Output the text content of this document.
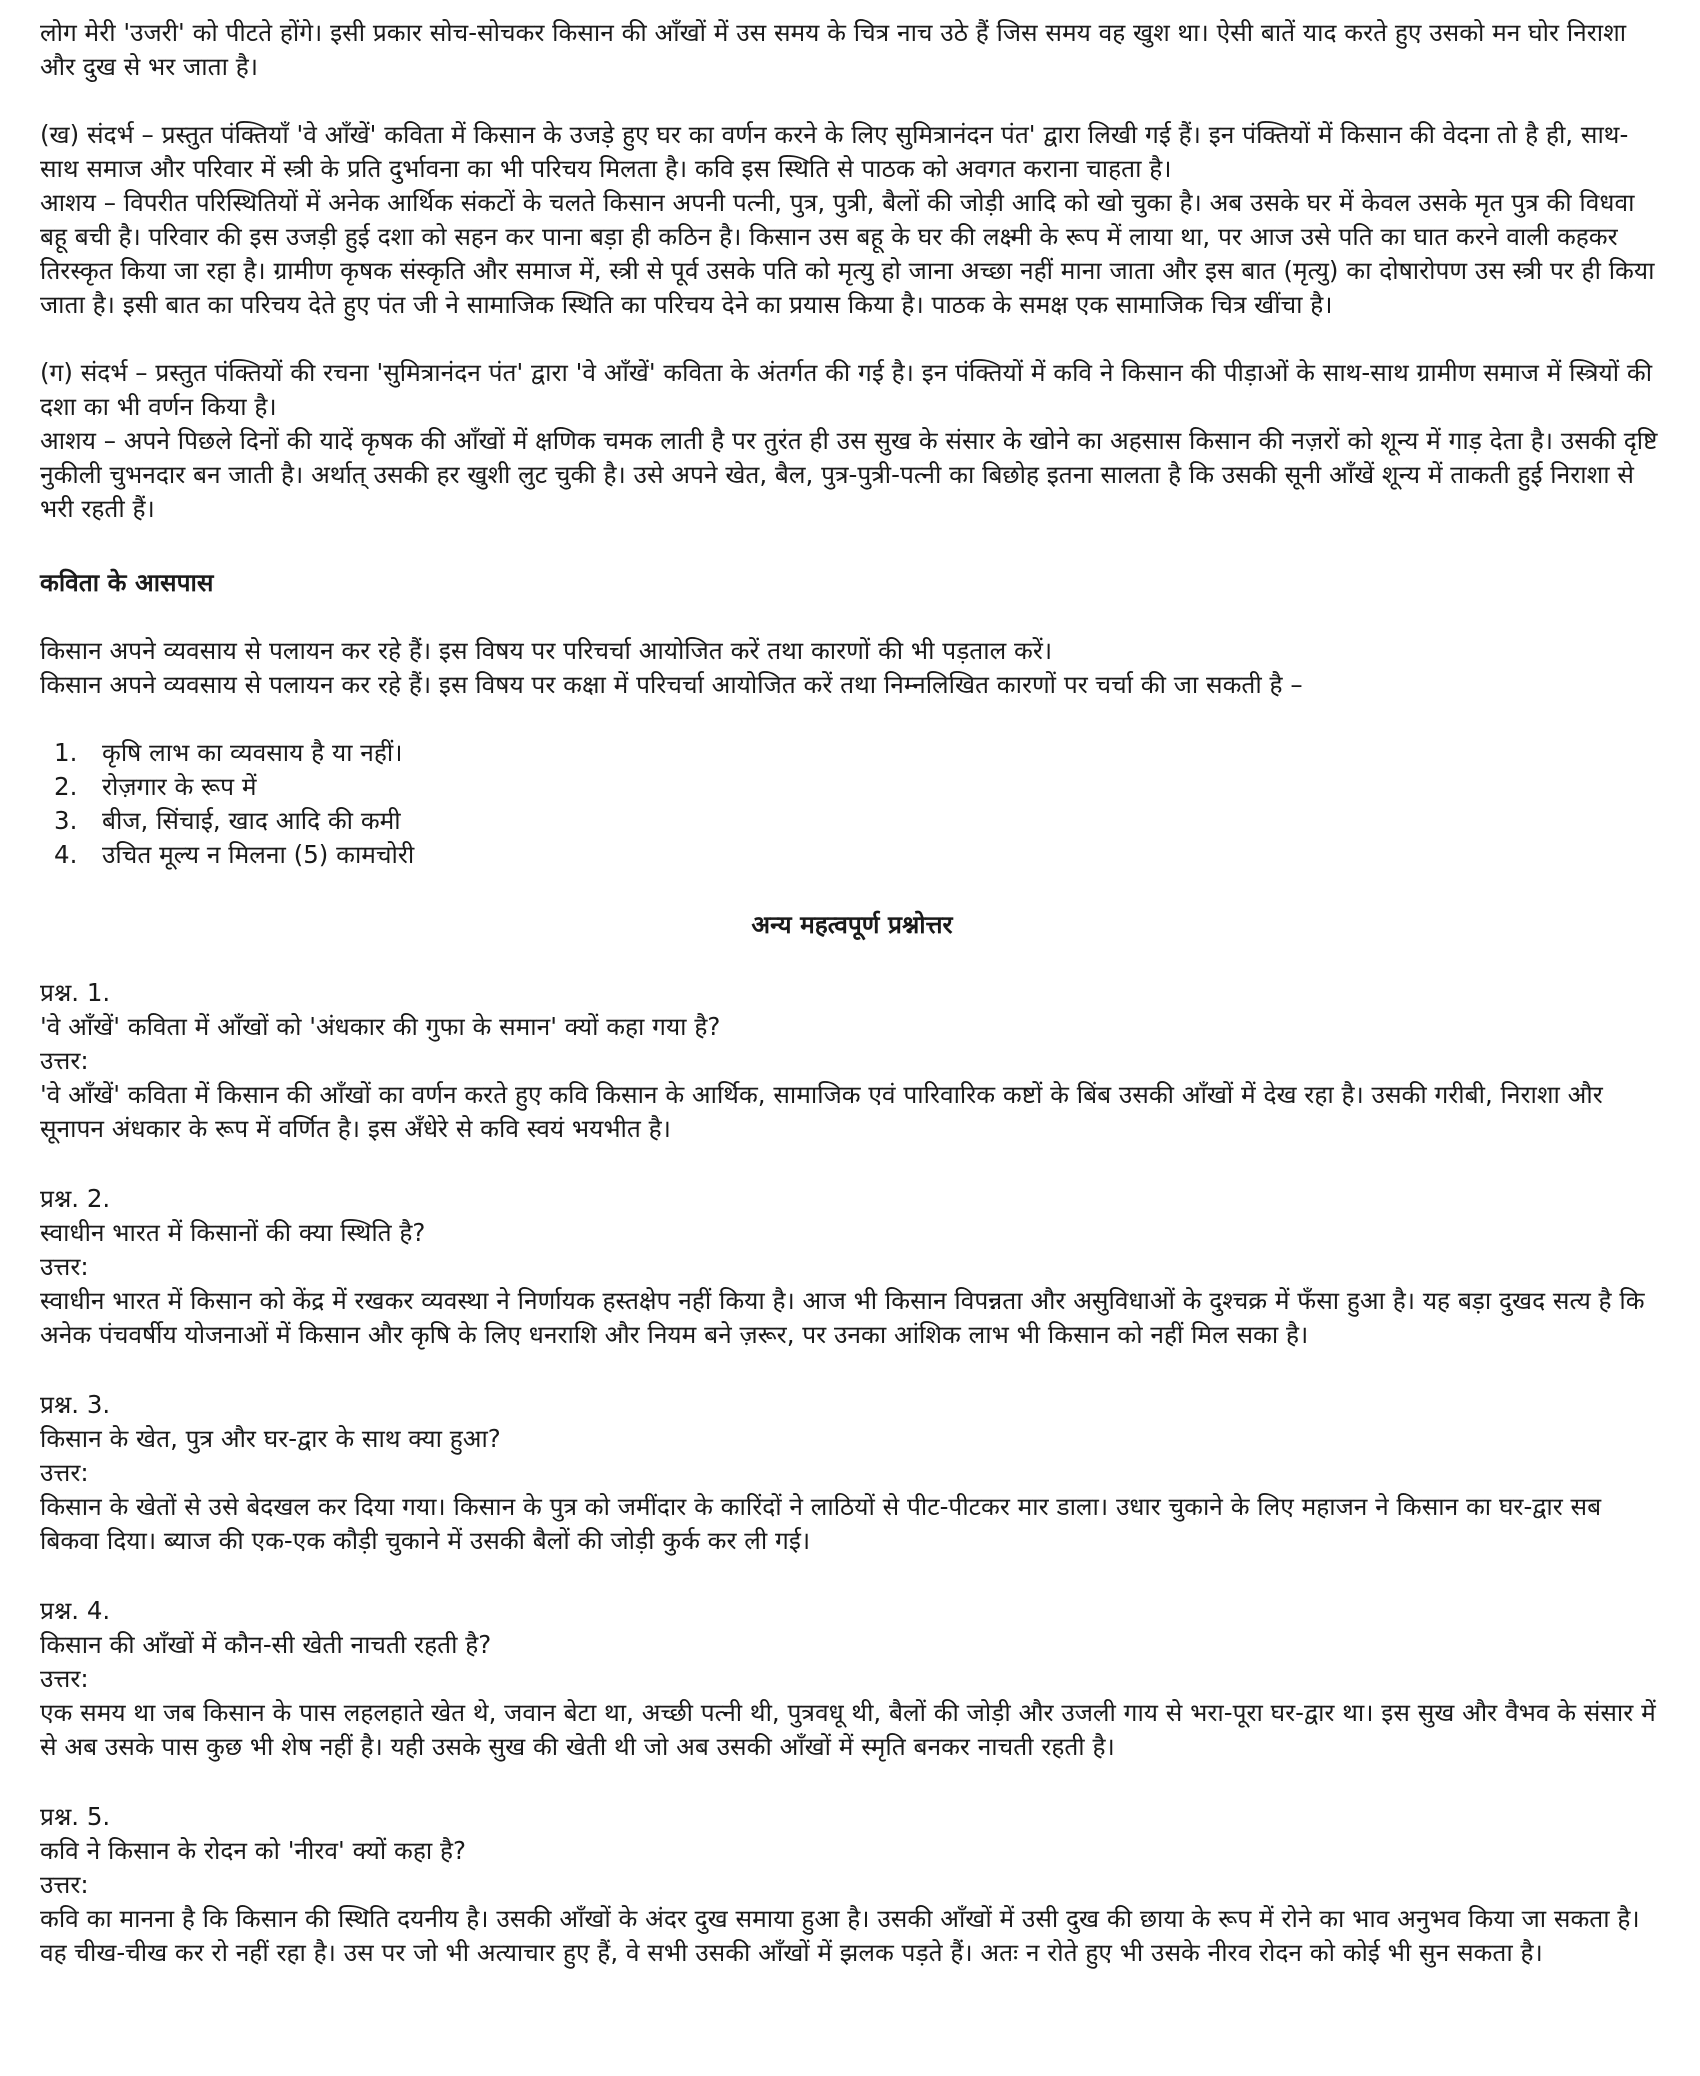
लोग मेरी 'उजरी' को पीटते होंगे। इसी प्रकार सोच-सोचकर किसान की आँखों में उस समय के चित्र नाच उठे हैं जिस समय वह खुश था। ऐसी बातें याद करते हुए उसको मन घोर निराशा और दुख से भर जाता है।

(ख) संदर्भ – प्रस्तुत पंक्तियाँ 'वे आँखें' कविता में किसान के उजड़े हुए घर का वर्णन करने के लिए सुमित्रानंदन पंत' द्वारा लिखी गई हैं। इन पंक्तियों में किसान की वेदना तो है ही, साथ-साथ समाज और परिवार में स्त्री के प्रति दुर्भावना का भी परिचय मिलता है। कवि इस स्थिति से पाठक को अवगत कराना चाहता है।

आशय – विपरीत परिस्थितियों में अनेक आर्थिक संकटों के चलते किसान अपनी पत्नी, पुत्र, पुत्री, बैलों की जोड़ी आदि को खो चुका है। अब उसके घर में केवल उसके मृत पुत्र की विधवा बहू बची है। परिवार की इस उजड़ी हुई दशा को सहन कर पाना बड़ा ही कठिन है। किसान उस बहू के घर की लक्ष्मी के रूप में लाया था, पर आज उसे पति का घात करने वाली कहकर तिरस्कृत किया जा रहा है। ग्रामीण कृषक संस्कृति और समाज में, स्त्री से पूर्व उसके पति को मृत्यु हो जाना अच्छा नहीं माना जाता और इस बात (मृत्यु) का दोषारोपण उस स्त्री पर ही किया जाता है। इसी बात का परिचय देते हुए पंत जी ने सामाजिक स्थिति का परिचय देने का प्रयास किया है। पाठक के समक्ष एक सामाजिक चित्र खींचा है।

(ग) संदर्भ – प्रस्तुत पंक्तियों की रचना 'सुमित्रानंदन पंत' द्वारा 'वे आँखें' कविता के अंतर्गत की गई है। इन पंक्तियों में कवि ने किसान की पीड़ाओं के साथ-साथ ग्रामीण समाज में स्त्रियों की दशा का भी वर्णन किया है।

आशय – अपने पिछले दिनों की यादें कृषक की आँखों में क्षणिक चमक लाती है पर तुरंत ही उस सुख के संसार के खोने का अहसास किसान की नज़रों को शून्य में गाड़ देता है। उसकी दृष्टि नुकीली चुभनदार बन जाती है। अर्थात् उसकी हर खुशी लुट चुकी है। उसे अपने खेत, बैल, पुत्र-पुत्री-पत्नी का बिछोह इतना सालता है कि उसकी सूनी आँखें शून्य में ताकती हुई निराशा से भरी रहती हैं।

कविता के आसपास

किसान अपने व्यवसाय से पलायन कर रहे हैं। इस विषय पर परिचर्चा आयोजित करें तथा कारणों की भी पड़ताल करें।

किसान अपने व्यवसाय से पलायन कर रहे हैं। इस विषय पर कक्षा में परिचर्चा आयोजित करें तथा निम्नलिखित कारणों पर चर्चा की जा सकती है –

1.	कृषि लाभ का व्यवसाय है या नहीं।
2.	रोज़गार के रूप में
3.	बीज, सिंचाई, खाद आदि की कमी
4.	उचित मूल्य न मिलना (5) कामचोरी

अन्य महत्वपूर्ण प्रश्नोत्तर

प्रश्न. 1.

'वे आँखें' कविता में आँखों को 'अंधकार की गुफा के समान' क्यों कहा गया है?

उत्तर:

'वे आँखें' कविता में किसान की आँखों का वर्णन करते हुए कवि किसान के आर्थिक, सामाजिक एवं पारिवारिक कष्टों के बिंब उसकी आँखों में देख रहा है। उसकी गरीबी, निराशा और सूनापन अंधकार के रूप में वर्णित है। इस अँधेरे से कवि स्वयं भयभीत है।

प्रश्न. 2.

स्वाधीन भारत में किसानों की क्या स्थिति है?

उत्तर:

स्वाधीन भारत में किसान को केंद्र में रखकर व्यवस्था ने निर्णायक हस्तक्षेप नहीं किया है। आज भी किसान विपन्नता और असुविधाओं के दुश्चक्र में फँसा हुआ है। यह बड़ा दुखद सत्य है कि अनेक पंचवर्षीय योजनाओं में किसान और कृषि के लिए धनराशि और नियम बने ज़रूर, पर उनका आंशिक लाभ भी किसान को नहीं मिल सका है।

प्रश्न. 3.

किसान के खेत, पुत्र और घर-द्वार के साथ क्या हुआ?

उत्तर:

किसान के खेतों से उसे बेदखल कर दिया गया। किसान के पुत्र को जमींदार के कारिंदों ने लाठियों से पीट-पीटकर मार डाला। उधार चुकाने के लिए महाजन ने किसान का घर-द्वार सब बिकवा दिया। ब्याज की एक-एक कौड़ी चुकाने में उसकी बैलों की जोड़ी कुर्क कर ली गई।

प्रश्न. 4.

किसान की आँखों में कौन-सी खेती नाचती रहती है?

उत्तर:

एक समय था जब किसान के पास लहलहाते खेत थे, जवान बेटा था, अच्छी पत्नी थी, पुत्रवधू थी, बैलों की जोड़ी और उजली गाय से भरा-पूरा घर-द्वार था। इस सुख और वैभव के संसार में से अब उसके पास कुछ भी शेष नहीं है। यही उसके सुख की खेती थी जो अब उसकी आँखों में स्मृति बनकर नाचती रहती है।

प्रश्न. 5.

कवि ने किसान के रोदन को 'नीरव' क्यों कहा है?

उत्तर:

कवि का मानना है कि किसान की स्थिति दयनीय है। उसकी आँखों के अंदर दुख समाया हुआ है। उसकी आँखों में उसी दुख की छाया के रूप में रोने का भाव अनुभव किया जा सकता है। वह चीख-चीख कर रो नहीं रहा है। उस पर जो भी अत्याचार हुए हैं, वे सभी उसकी आँखों में झलक पड़ते हैं। अतः न रोते हुए भी उसके नीरव रोदन को कोई भी सुन सकता है।
